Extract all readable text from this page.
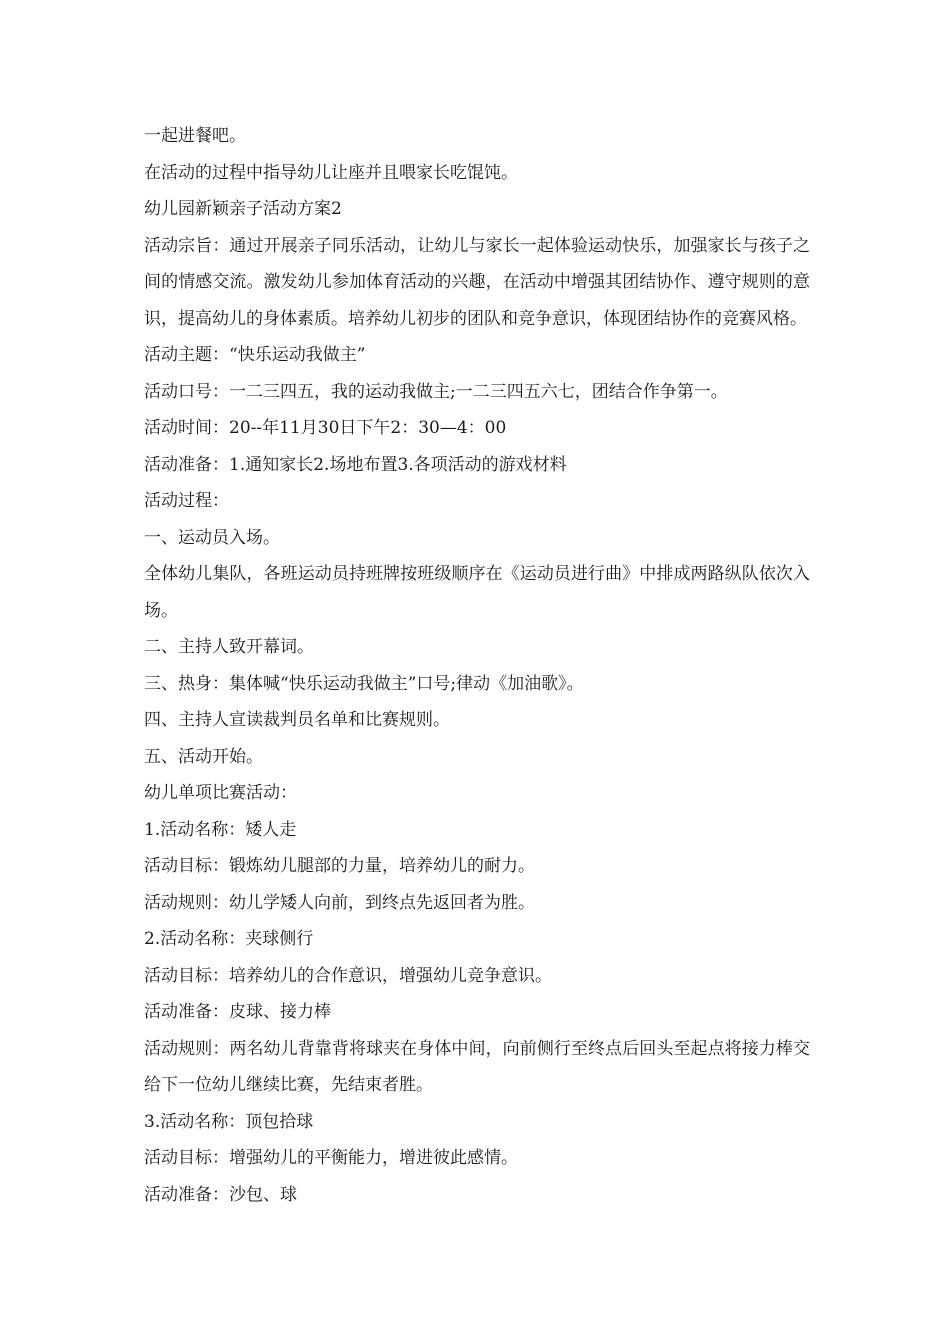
一起进餐吧。

在活动的过程中指导幼儿让座并且喂家长吃馄饨。

幼儿园新颖亲子活动方案2

活动宗旨：通过开展亲子同乐活动，让幼儿与家长一起体验运动快乐，加强家长与孩子之间的情感交流。激发幼儿参加体育活动的兴趣，在活动中增强其团结协作、遵守规则的意识，提高幼儿的身体素质。培养幼儿初步的团队和竞争意识，体现团结协作的竞赛风格。

活动主题：“快乐运动我做主”

活动口号：一二三四五，我的运动我做主;一二三四五六七，团结合作争第一。

活动时间：20--年11月30日下午2：30—4：00

活动准备：1.通知家长2.场地布置3.各项活动的游戏材料

活动过程：

一、运动员入场。

全体幼儿集队，各班运动员持班牌按班级顺序在《运动员进行曲》中排成两路纵队依次入场。

二、主持人致开幕词。

三、热身：集体喊“快乐运动我做主”口号;律动《加油歌》。

四、主持人宣读裁判员名单和比赛规则。

五、活动开始。

幼儿单项比赛活动：

1.活动名称：矮人走

活动目标：锻炼幼儿腿部的力量，培养幼儿的耐力。

活动规则：幼儿学矮人向前，到终点先返回者为胜。

2.活动名称：夹球侧行

活动目标：培养幼儿的合作意识，增强幼儿竞争意识。

活动准备：皮球、接力棒

活动规则：两名幼儿背靠背将球夹在身体中间，向前侧行至终点后回头至起点将接力棒交给下一位幼儿继续比赛，先结束者胜。

3.活动名称：顶包拾球

活动目标：增强幼儿的平衡能力，增进彼此感情。

活动准备：沙包、球
